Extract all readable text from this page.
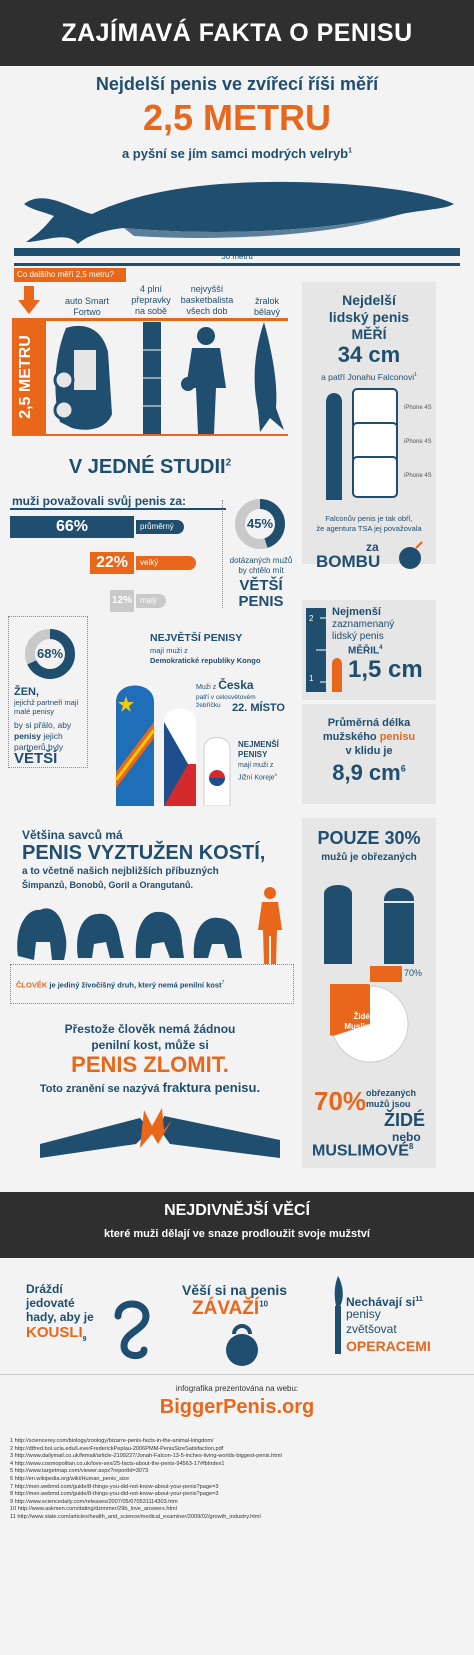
ZAJÍMAVÁ FAKTA O PENISU
Nejdelší penis ve zvířecí říši měří
2,5 METRU
a pyšní se jím samci modrých velryb$^1$
30 metrů
Co dalšího měří 2,5 metru?
2,5 METRU
auto Smart Fortwo
4 plní přepravky na sobě
nejvyšší basketbalista všech dob
žralok bělavý
Nejdelší
lidský penis
MĚŘÍ
34 cm
a patří Jonahu Falconovi$^1$
iPhone 4S
iPhone 4S
iPhone 4S
Falconův penis je tak obří,
že agentura TSA jej považovala
za
BOMBU
V JEDNÉ STUDII$^2$
muži považovali svůj penis za:
66%	průměrný
22%	velký
12%	malý
45%
dotázaných mužů by chtělo mít
VĚTŠÍ PENIS
68%
ŽEN,
jejichž partneři mají malé penisy
by si přálo, aby penisy jejich partnerů byly
VĚTŠÍ
NEJVĚTŠÍ PENISY
mají muži z
Demokratické republiky Kongo
Muži z Česka
patří v celosvětovém žebříčku	22. MÍSTO
NEJMENŠÍ PENISY
mají muži z
Jižní Koreje$^5$
2
1
Nejmenší
zaznamenaný
lidský penis
MĚŘIL$^4$
1,5 cm
Průměrná délka
mužského penisu
v klidu je
8,9 $cm^6$
Většina savců má
PENIS VYZTUŽEN KOSTÍ,
a to včetně našich nejbližších příbuzných
Šimpanzů, Bonobů, Goril a Orangutanů.
ČLOVĚK je jediný živočišný druh, který nemá penilní kost$^7$
Přestože člověk nemá žádnou
penilní kost, může si
PENIS ZLOMIT.
Toto zranění se nazývá fraktura penisu.
POUZE 30%
mužů je obřezaných
70%
Židé a Muslimové
70% obřezaných
mužů jsou
ŽIDÉ
nebo
MUSLIMOVÉ$^8$
NEJDIVNĚJŠÍ VĚCÍ
které muži dělají ve snaze prodloužit svoje mužství
Dráždí
jedovaté
hady, aby je
$KOUSLI_9$
Věší si na penis
ZÁVAŽÍ$^{10}$	Nechávají $si^{11}$
penisy
zvětšovat
OPERACEMI
infografika prezentována na webu:
BiggerPenis.org
1 http://sciencerey.com/biology/zoology/bizarre-penis-facts-in-the-animal-kingdom/
2 http://dtfred.bol.ucla.edu/LeverFrederickPeplau-2006PMM-PenisSizeSatisfaction.pdf
3 http://www.dailymail.co.uk/femail/article-2199227/Jonah-Falcon-13-5-inches-living-worlds-biggest-penis.html
4 http://www.cosmopolitan.co.uk/love-sex/25-facts-about-the-penis-94563-17#fbIndex1
5 http://www.targetmap.com/viewer.aspx?reportId=3073
6 http://en.wikipedia.org/wiki/Human_penis_size
7 http://men.webmd.com/guide/8-things-you-did-not-know-about-your-penis?page=3
8 http://men.webmd.com/guide/8-things-you-did-not-know-about-your-penis?page=3
9 http://www.sciencedaily.com/releases/2007/05/070531114303.htm
10 http://www.askmen.com/dating/dzimmer/29b_love_answers.html
11 http://www.slate.com/articles/health_and_science/medical_examiner/2009/02/growth_industry.html
